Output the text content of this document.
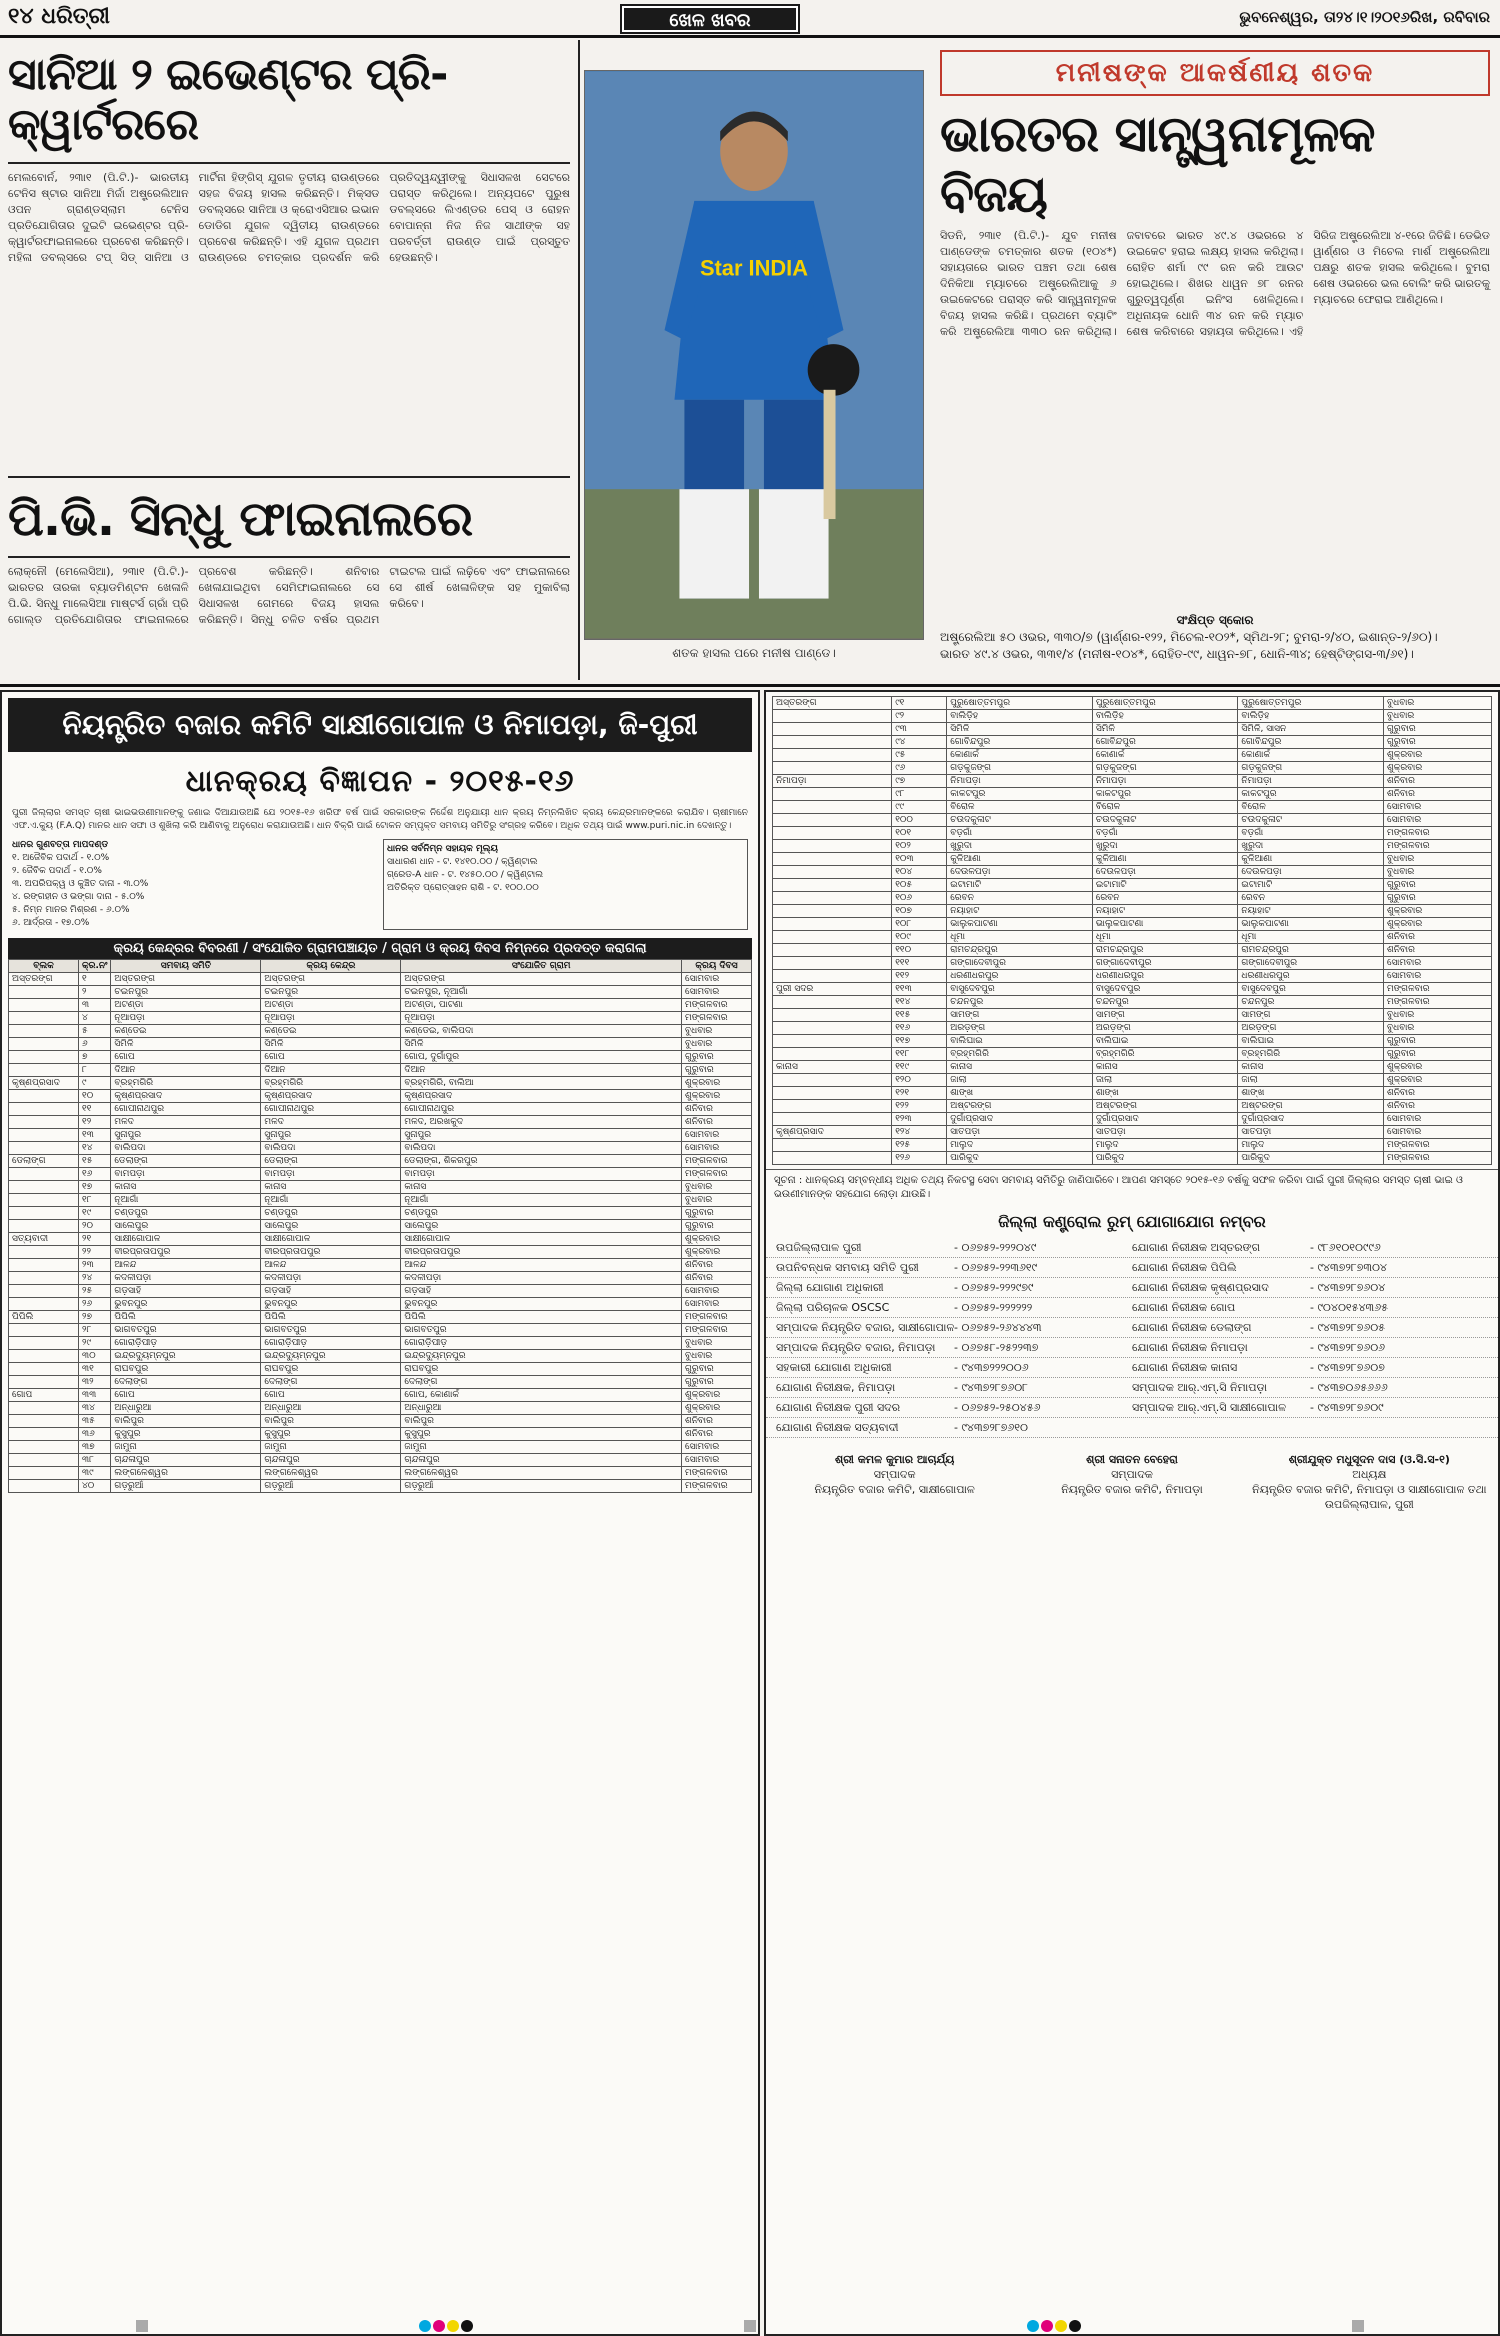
୧୪ ଧରିତ୍ରୀ	ଖେଳ ଖବର	ଭୁବନେଶ୍ୱର, ତା୨୪।୧।୨୦୧୬ରିଖ, ରବିବାର
ସାନିଆ ୨ ଇଭେଣ୍ଟର ପ୍ରି-କ୍ୱାର୍ଟରରେ
ମେଲବୋର୍ନ, ୨୩ା୧ (ପି.ଟି.)- ଭାରତୀୟ ଟେନିସ ଷ୍ଟାର ସାନିଆ ମିର୍ଜା ଅଷ୍ଟ୍ରେଲିଆନ ଓପନ ଗ୍ରାଣ୍ଡସ୍ଲାମ ଟେନିସ ପ୍ରତିଯୋଗିତାର ଦୁଇଟି ଇଭେଣ୍ଟର ପ୍ରି-କ୍ୱାର୍ଟରଫାଇନାଲରେ ପ୍ରବେଶ କରିଛନ୍ତି। ମହିଳା ଡବଲ୍ସରେ ଟପ୍ ସିଡ୍ ସାନିଆ ଓ ମାର୍ଟିନା ହିଙ୍ଗିସ୍ ଯୁଗଳ ତୃତୀୟ ରାଉଣ୍ଡରେ ସହଜ ବିଜୟ ହାସଲ କରିଛନ୍ତି। ମିକ୍ସଡ ଡବଲ୍ସରେ ସାନିଆ ଓ କ୍ରୋଏସିଆର ଇଭାନ ଡୋଡିଗ ଯୁଗଳ ଦ୍ୱିତୀୟ ରାଉଣ୍ଡରେ ପ୍ରବେଶ କରିଛନ୍ତି। ଏହି ଯୁଗଳ ପ୍ରଥମ ରାଉଣ୍ଡରେ ଚମତ୍କାର ପ୍ରଦର୍ଶନ କରି ପ୍ରତିଦ୍ୱନ୍ଦ୍ୱୀଙ୍କୁ ସିଧାସଳଖ ସେଟରେ ପରାସ୍ତ କରିଥିଲେ। ଅନ୍ୟପଟେ ପୁରୁଷ ଡବଲ୍ସରେ ଲିଏଣ୍ଡର ପେସ୍ ଓ ରୋହନ ବୋପାନ୍ନା ନିଜ ନିଜ ସାଥୀଙ୍କ ସହ ପରବର୍ତ୍ତୀ ରାଉଣ୍ଡ ପାଇଁ ପ୍ରସ୍ତୁତ ହେଉଛନ୍ତି।
ପି.ଭି. ସିନ୍ଧୁ ଫାଇନାଲରେ
ଲୋକ୍ନୌ (ମେଲେସିଆ), ୨୩ା୧ (ପି.ଟି.)- ଭାରତର ତାରକା ବ୍ୟାଡମିଣ୍ଟନ ଖେଳାଳି ପି.ଭି. ସିନ୍ଧୁ ମାଲେସିଆ ମାଷ୍ଟର୍ସ ଗ୍ରାଁ ପ୍ରି ଗୋଲ୍ଡ ପ୍ରତିଯୋଗିତାର ଫାଇନାଲରେ ପ୍ରବେଶ କରିଛନ୍ତି। ଶନିବାର ଖେଳାଯାଇଥିବା ସେମିଫାଇନାଲରେ ସେ ସିଧାସଳଖ ଗେମରେ ବିଜୟ ହାସଲ କରିଛନ୍ତି। ସିନ୍ଧୁ ଚଳିତ ବର୍ଷର ପ୍ରଥମ ଟାଇଟଲ ପାଇଁ ଲଢ଼ିବେ ଏବଂ ଫାଇନାଲରେ ସେ ଶୀର୍ଷ ଖେଳାଳିଙ୍କ ସହ ମୁକାବିଲା କରିବେ।
Star INDIA
ଶତକ ହାସଲ ପରେ ମନୀଷ ପାଣ୍ଡେ।
ମନୀଷଙ୍କ ଆକର୍ଷଣୀୟ ଶତକ
ଭାରତର ସାନ୍ତ୍ୱନାମୂଳକ ବିଜୟ
ସିଡନି, ୨୩ା୧ (ପି.ଟି.)- ଯୁବ ମନୀଷ ପାଣ୍ଡେଙ୍କ ଚମତ୍କାର ଶତକ (୧୦୪*) ସହାୟତାରେ ଭାରତ ପଞ୍ଚମ ତଥା ଶେଷ ଦିନିକିଆ ମ୍ୟାଚରେ ଅଷ୍ଟ୍ରେଲିଆକୁ ୬ ଉଇକେଟରେ ପରାସ୍ତ କରି ସାନ୍ତ୍ୱନାମୂଳକ ବିଜୟ ହାସଲ କରିଛି। ପ୍ରଥମେ ବ୍ୟାଟିଂ କରି ଅଷ୍ଟ୍ରେଲିଆ ୩୩୦ ରନ କରିଥିଲା। ଜବାବରେ ଭାରତ ୪୯.୪ ଓଭରରେ ୪ ଉଇକେଟ ହରାଇ ଲକ୍ଷ୍ୟ ହାସଲ କରିଥିଲା। ରୋହିତ ଶର୍ମା ୯୯ ରନ କରି ଆଉଟ ହୋଇଥିଲେ। ଶିଖର ଧାୱନ ୭୮ ରନର ଗୁରୁତ୍ୱପୂର୍ଣ୍ଣ ଇନିଂସ ଖେଳିଥିଲେ। ଅଧିନାୟକ ଧୋନି ୩୪ ରନ କରି ମ୍ୟାଚ ଶେଷ କରିବାରେ ସହାୟତା କରିଥିଲେ। ଏହି ସିରିଜ ଅଷ୍ଟ୍ରେଲିଆ ୪-୧ରେ ଜିତିଛି। ଡେଭିଡ ୱାର୍ଣ୍ଣର ଓ ମିଚେଲ ମାର୍ଶ ଅଷ୍ଟ୍ରେଲିଆ ପକ୍ଷରୁ ଶତକ ହାସଲ କରିଥିଲେ। ବୁମରା ଶେଷ ଓଭରରେ ଭଲ ବୋଲିଂ କରି ଭାରତକୁ ମ୍ୟାଚରେ ଫେରାଇ ଆଣିଥିଲେ।
ସଂକ୍ଷିପ୍ତ ସ୍କୋର
ଅଷ୍ଟ୍ରେଲିଆ ୫୦ ଓଭର, ୩୩୦/୭ (ୱାର୍ଣ୍ଣର-୧୨୨, ମିଚେଲ-୧୦୨*, ସ୍ମିଥ-୨୮; ବୁମରା-୨/୪୦, ଇଶାନ୍ତ-୨/୬୦)।
ଭାରତ ୪୯.୪ ଓଭର, ୩୩୧/୪ (ମନୀଷ-୧୦୪*, ରୋହିତ-୯୯, ଧାୱନ-୭୮, ଧୋନି-୩୪; ହେଷ୍ଟିଙ୍ଗସ-୩/୬୧)।
ନିୟନ୍ତ୍ରିତ ବଜାର କମିଟି ସାକ୍ଷୀଗୋପାଳ ଓ ନିମାପଡ଼ା, ଜି-ପୁରୀ
ଧାନକ୍ରୟ ବିଜ୍ଞାପନ - ୨୦୧୫-୧୬
ପୁରୀ ଜିଲ୍ଲାର ସମସ୍ତ ଚାଷୀ ଭାଇଭଉଣୀମାନଙ୍କୁ ଜଣାଇ ଦିଆଯାଉଅଛି ଯେ ୨୦୧୫-୧୬ ଖରିଫ ବର୍ଷ ପାଇଁ ସରକାରଙ୍କ ନିର୍ଦ୍ଦେଶ ଅନୁଯାୟୀ ଧାନ କ୍ରୟ ନିମ୍ନଲିଖିତ କ୍ରୟ କେନ୍ଦ୍ରମାନଙ୍କରେ କରାଯିବ। ଚାଷୀମାନେ ଏଫ.ଏ.କ୍ୟୁ (F.A.Q) ମାନର ଧାନ ସଫା ଓ ଶୁଖିଲା କରି ଆଣିବାକୁ ଅନୁରୋଧ କରାଯାଉଅଛି। ଧାନ ବିକ୍ରି ପାଇଁ ଟୋକନ ସମ୍ପୃକ୍ତ ସମବାୟ ସମିତିରୁ ସଂଗ୍ରହ କରିବେ। ଅଧିକ ତଥ୍ୟ ପାଇଁ www.puri.nic.in ଦେଖନ୍ତୁ।
ଧାନର ଗୁଣବତ୍ତା ମାପଦଣ୍ଡ
୧. ଅଜୈବିକ ପଦାର୍ଥ - ୧.୦%
୨. ଜୈବିକ ପଦାର୍ଥ - ୧.୦%
୩. ଅପରିପକ୍ୱ ଓ କୁଞ୍ଚିତ ଦାନା - ୩.୦%
୪. ରଙ୍ଗହୀନ ଓ ଭଙ୍ଗା ଦାନା - ୫.୦%
୫. ନିମ୍ନ ମାନର ମିଶ୍ରଣ - ୬.୦%
୬. ଆର୍ଦ୍ରତା - ୧୭.୦%
ଧାନର ସର୍ବନିମ୍ନ ସହାୟକ ମୂଲ୍ୟ
ସାଧାରଣ ଧାନ - ଟ. ୧୪୧୦.୦୦ / କ୍ୱିଣ୍ଟାଲ
ଗ୍ରେଡ-A ଧାନ - ଟ. ୧୪୫୦.୦୦ / କ୍ୱିଣ୍ଟାଲ
ଅତିରିକ୍ତ ପ୍ରୋତ୍ସାହନ ରାଶି - ଟ. ୧୦୦.୦୦
କ୍ରୟ କେନ୍ଦ୍ରର ବିବରଣୀ / ସଂଯୋଜିତ ଗ୍ରାମପଞ୍ଚାୟତ / ଗ୍ରାମ ଓ କ୍ରୟ ଦିବସ ନିମ୍ନରେ ପ୍ରଦତ୍ତ କରାଗଲା
ବ୍ଲକ	କ୍ର.ନଂ	ସମବାୟ ସମିତି	କ୍ରୟ କେନ୍ଦ୍ର	ସଂଯୋଜିତ ଗ୍ରାମ	କ୍ରୟ ଦିବସ
ଅସ୍ତରଙ୍ଗ	୧	ଅସ୍ତରଙ୍ଗ	ଅସ୍ତରଙ୍ଗ	ଅସ୍ତରଙ୍ଗ	ସୋମବାର
	୨	ଚଇନପୁର	ଚଇନପୁର	ଚଇନପୁର, ନୂଆଗାଁ	ସୋମବାର
	୩	ଅଟଣ୍ଡା	ଅଟଣ୍ଡା	ଅଟଣ୍ଡା, ପାଟଣା	ମଙ୍ଗଳବାର
	୪	ନୂଆପଡ଼ା	ନୂଆପଡ଼ା	ନୂଆପଡ଼ା	ମଙ୍ଗଳବାର
	୫	କଣ୍ଡେଇ	କଣ୍ଡେଇ	କଣ୍ଡେଇ, ବାଲିପଦା	ବୁଧବାର
	୬	ସିମିଳି	ସିମିଳି	ସିମିଳି	ବୁଧବାର
	୭	ଗୋପ	ଗୋପ	ଗୋପ, ଦୁର୍ଗାପୁର	ଗୁରୁବାର
	୮	ଦିଆନ	ଦିଆନ	ଦିଆନ	ଗୁରୁବାର
କୃଷ୍ଣପ୍ରସାଦ	୯	ବ୍ରହ୍ମଗିରି	ବ୍ରହ୍ମଗିରି	ବ୍ରହ୍ମଗିରି, ବାଲିଆ	ଶୁକ୍ରବାର
	୧୦	କୃଷ୍ଣପ୍ରସାଦ	କୃଷ୍ଣପ୍ରସାଦ	କୃଷ୍ଣପ୍ରସାଦ	ଶୁକ୍ରବାର
	୧୧	ଗୋପୀନାଥପୁର	ଗୋପୀନାଥପୁର	ଗୋପୀନାଥପୁର	ଶନିବାର
	୧୨	ମଳଦ	ମଳଦ	ମଳଦ, ଅରଖକୁଦ	ଶନିବାର
	୧୩	ସୁନାପୁର	ସୁନାପୁର	ସୁନାପୁର	ସୋମବାର
	୧୪	ବାଲିପଦା	ବାଲିପଦା	ବାଲିପଦା	ସୋମବାର
ଡେଲାଙ୍ଗ	୧୫	ଡେଲାଙ୍ଗ	ଡେଲାଙ୍ଗ	ଡେଲାଙ୍ଗ, ଶିକରପୁର	ମଙ୍ଗଳବାର
	୧୬	ବାମପଡ଼ା	ବାମପଡ଼ା	ବାମପଡ଼ା	ମଙ୍ଗଳବାର
	୧୭	କାନାସ	କାନାସ	କାନାସ	ବୁଧବାର
	୧୮	ନୂଆଗାଁ	ନୂଆଗାଁ	ନୂଆଗାଁ	ବୁଧବାର
	୧୯	ଚଣ୍ଡପୁର	ଚଣ୍ଡପୁର	ଚଣ୍ଡପୁର	ଗୁରୁବାର
	୨୦	ସାଲେପୁର	ସାଲେପୁର	ସାଲେପୁର	ଗୁରୁବାର
ସତ୍ୟବାଦୀ	୨୧	ସାକ୍ଷୀଗୋପାଳ	ସାକ୍ଷୀଗୋପାଳ	ସାକ୍ଷୀଗୋପାଳ	ଶୁକ୍ରବାର
	୨୨	ବୀରପ୍ରତାପପୁର	ବୀରପ୍ରତାପପୁର	ବୀରପ୍ରତାପପୁର	ଶୁକ୍ରବାର
	୨୩	ଆଳନ୍ଦ	ଆଳନ୍ଦ	ଆଳନ୍ଦ	ଶନିବାର
	୨୪	କଦଳୀପଡ଼ା	କଦଳୀପଡ଼ା	କଦଳୀପଡ଼ା	ଶନିବାର
	୨୫	ଗଡ଼ସାହି	ଗଡ଼ସାହି	ଗଡ଼ସାହି	ସୋମବାର
	୨୬	ଭୁବନପୁର	ଭୁବନପୁର	ଭୁବନପୁର	ସୋମବାର
ପିପିଲି	୨୭	ପିପିଲି	ପିପିଲି	ପିପିଲି	ମଙ୍ଗଳବାର
	୨୮	ଭାଗବତପୁର	ଭାଗବତପୁର	ଭାଗବତପୁର	ମଙ୍ଗଳବାର
	୨୯	ଗୋରାଡ଼ିପୀଡ଼	ଗୋରାଡ଼ିପୀଡ଼	ଗୋରାଡ଼ିପୀଡ଼	ବୁଧବାର
	୩୦	ଇନ୍ଦ୍ରଦ୍ୟୁମ୍ନପୁର	ଇନ୍ଦ୍ରଦ୍ୟୁମ୍ନପୁର	ଇନ୍ଦ୍ରଦ୍ୟୁମ୍ନପୁର	ବୁଧବାର
	୩୧	ରାଘବପୁର	ରାଘବପୁର	ରାଘବପୁର	ଗୁରୁବାର
	୩୨	ଦେଲାଙ୍ଗ	ଦେଲାଙ୍ଗ	ଦେଲାଙ୍ଗ	ଗୁରୁବାର
ଗୋପ	୩୩	ଗୋପ	ଗୋପ	ଗୋପ, କୋଣାର୍କ	ଶୁକ୍ରବାର
	୩୪	ଅନ୍ଧାରୁଆ	ଅନ୍ଧାରୁଆ	ଅନ୍ଧାରୁଆ	ଶୁକ୍ରବାର
	୩୫	ବାଲିପୁର	ବାଲିପୁର	ବାଲିପୁର	ଶନିବାର
	୩୬	କୁସୁପୁର	କୁସୁପୁର	କୁସୁପୁର	ଶନିବାର
	୩୭	ଜାମୁନା	ଜାମୁନା	ଜାମୁନା	ସୋମବାର
	୩୮	ଚାନ୍ଦଳାପୁର	ଚାନ୍ଦଳାପୁର	ଚାନ୍ଦଳାପୁର	ସୋମବାର
	୩୯	ଲଙ୍ଗଳେଶ୍ୱର	ଲଙ୍ଗଳେଶ୍ୱର	ଲଙ୍ଗଳେଶ୍ୱର	ମଙ୍ଗଳବାର
	୪୦	ଗଡ଼ରୁଆଁ	ଗଡ଼ରୁଆଁ	ଗଡ଼ରୁଆଁ	ମଙ୍ଗଳବାର
ଅସ୍ତରଙ୍ଗ	୯୧	ପୁରୁଷୋତ୍ତମପୁର	ପୁରୁଷୋତ୍ତମପୁର	ପୁରୁଷୋତ୍ତମପୁର	ବୁଧବାର
	୯୨	ବାଲିଡ଼ିହ	ବାଲିଡ଼ିହ	ବାଲିଡ଼ିହ	ବୁଧବାର
	୯୩	ସିମିଳି	ସିମିଳି	ସିମିଳି, ସାସନ	ଗୁରୁବାର
	୯୪	ଗୋବିନ୍ଦପୁର	ଗୋବିନ୍ଦପୁର	ଗୋବିନ୍ଦପୁର	ଗୁରୁବାର
	୯୫	କୋଣାର୍କ	କୋଣାର୍କ	କୋଣାର୍କ	ଶୁକ୍ରବାର
	୯୬	ଗଡ଼କୁଜଙ୍ଗ	ଗଡ଼କୁଜଙ୍ଗ	ଗଡ଼କୁଜଙ୍ଗ	ଶୁକ୍ରବାର
ନିମାପଡ଼ା	୯୭	ନିମାପଡ଼ା	ନିମାପଡ଼ା	ନିମାପଡ଼ା	ଶନିବାର
	୯୮	କାକଟପୁର	କାକଟପୁର	କାକଟପୁର	ଶନିବାର
	୯୯	ବିରୋଳ	ବିରୋଳ	ବିରୋଳ	ସୋମବାର
	୧୦୦	ଚଉଦକୁଳାଟ	ଚଉଦକୁଳାଟ	ଚଉଦକୁଳାଟ	ସୋମବାର
	୧୦୧	ବଡ଼ଗାଁ	ବଡ଼ଗାଁ	ବଡ଼ଗାଁ	ମଙ୍ଗଳବାର
	୧୦୨	ଖୁରୁଦା	ଖୁରୁଦା	ଖୁରୁଦା	ମଙ୍ଗଳବାର
	୧୦୩	କୁଳିଆଣା	କୁଳିଆଣା	କୁଳିଆଣା	ବୁଧବାର
	୧୦୪	ଦେଉଳପଡ଼ା	ଦେଉଳପଡ଼ା	ଦେଉଳପଡ଼ା	ବୁଧବାର
	୧୦୫	ଇଟାମାଟି	ଇଟାମାଟି	ଇଟାମାଟି	ଗୁରୁବାର
	୧୦୬	ରେବନ	ରେବନ	ରେବନ	ଗୁରୁବାର
	୧୦୭	ନୟାହାଟ	ନୟାହାଟ	ନୟାହାଟ	ଶୁକ୍ରବାର
	୧୦୮	ଭାଲୁକପାଟଣା	ଭାଲୁକପାଟଣା	ଭାଲୁକପାଟଣା	ଶୁକ୍ରବାର
	୧୦୯	ଧୂମା	ଧୂମା	ଧୂମା	ଶନିବାର
	୧୧୦	ରାମଚନ୍ଦ୍ରପୁର	ରାମଚନ୍ଦ୍ରପୁର	ରାମଚନ୍ଦ୍ରପୁର	ଶନିବାର
	୧୧୧	ଗଙ୍ଗାଦେବୀପୁର	ଗଙ୍ଗାଦେବୀପୁର	ଗଙ୍ଗାଦେବୀପୁର	ସୋମବାର
	୧୧୨	ଧରଣୀଧରପୁର	ଧରଣୀଧରପୁର	ଧରଣୀଧରପୁର	ସୋମବାର
ପୁରୀ ସଦର	୧୧୩	ବାସୁଦେବପୁର	ବାସୁଦେବପୁର	ବାସୁଦେବପୁର	ମଙ୍ଗଳବାର
	୧୧୪	ଚନ୍ଦନପୁର	ଚନ୍ଦନପୁର	ଚନ୍ଦନପୁର	ମଙ୍ଗଳବାର
	୧୧୫	ସାମଙ୍ଗ	ସାମଙ୍ଗ	ସାମଙ୍ଗ	ବୁଧବାର
	୧୧୬	ଅରଡ଼ଙ୍ଗ	ଅରଡ଼ଙ୍ଗ	ଅରଡ଼ଙ୍ଗ	ବୁଧବାର
	୧୧୭	ବାଲିଘାଇ	ବାଲିଘାଇ	ବାଲିଘାଇ	ଗୁରୁବାର
	୧୧୮	ବ୍ରହ୍ମଗିରି	ବ୍ରହ୍ମଗିରି	ବ୍ରହ୍ମଗିରି	ଗୁରୁବାର
କାନାସ	୧୧୯	କାନାସ	କାନାସ	କାନାସ	ଶୁକ୍ରବାର
	୧୨୦	ଜାଲା	ଜାଲା	ଜାଲା	ଶୁକ୍ରବାର
	୧୨୧	ଶାଙ୍ଖ	ଶାଙ୍ଖ	ଶାଙ୍ଖ	ଶନିବାର
	୧୨୨	ଅଷ୍ଟରଙ୍ଗ	ଅଷ୍ଟରଙ୍ଗ	ଅଷ୍ଟରଙ୍ଗ	ଶନିବାର
	୧୨୩	ଦୁର୍ଗାପ୍ରସାଦ	ଦୁର୍ଗାପ୍ରସାଦ	ଦୁର୍ଗାପ୍ରସାଦ	ସୋମବାର
କୃଷ୍ଣପ୍ରସାଦ	୧୨୪	ସାତପଡ଼ା	ସାତପଡ଼ା	ସାତପଡ଼ା	ସୋମବାର
	୧୨୫	ମାଲୁଦ	ମାଲୁଦ	ମାଲୁଦ	ମଙ୍ଗଳବାର
	୧୨୬	ପାରିକୁଦ	ପାରିକୁଦ	ପାରିକୁଦ	ମଙ୍ଗଳବାର
ସୂଚନା : ଧାନକ୍ରୟ ସମ୍ବନ୍ଧୀୟ ଅଧିକ ତଥ୍ୟ ନିକଟସ୍ଥ ସେବା ସମବାୟ ସମିତିରୁ ଜାଣିପାରିବେ। ଆପଣ ସମସ୍ତେ ୨୦୧୫-୧୬ ବର୍ଷକୁ ସଫଳ କରିବା ପାଇଁ ପୁରୀ ଜିଲ୍ଲାର ସମସ୍ତ ଚାଷୀ ଭାଇ ଓ ଭଉଣୀମାନଙ୍କ ସହଯୋଗ ଲୋଡ଼ା ଯାଉଛି।
ଜିଲ୍ଲା କଣ୍ଟ୍ରୋଲ ରୁମ୍ ଯୋଗାଯୋଗ ନମ୍ବର
ଉପଜିଲ୍ଲାପାଳ ପୁରୀ	- ୦୬୭୫୨-୨୨୨୦୪୯	ଯୋଗାଣ ନିରୀକ୍ଷକ ଅସ୍ତରଙ୍ଗ	- ୯୮୬୧୦୧୦୯୯୬
ଉପନିବନ୍ଧକ ସମବାୟ ସମିତି ପୁରୀ	- ୦୬୭୫୨-୨୨୩୬୧୯	ଯୋଗାଣ ନିରୀକ୍ଷକ ପିପିଲି	- ୯୪୩୭୨୮୭୩୦୪
ଜିଲ୍ଲା ଯୋଗାଣ ଅଧିକାରୀ	- ୦୬୭୫୨-୨୨୨୯୭୯	ଯୋଗାଣ ନିରୀକ୍ଷକ କୃଷ୍ଣପ୍ରସାଦ	- ୯୪୩୭୨୮୭୬୦୪
ଜିଲ୍ଲା ପରିଚାଳକ OSCSC	- ୦୬୭୫୨-୨୨୨୨୨୨	ଯୋଗାଣ ନିରୀକ୍ଷକ ଗୋପ	- ୯୦୪୦୧୫୪୩୬୫
ସମ୍ପାଦକ ନିୟନ୍ତ୍ରିତ ବଜାର, ସାକ୍ଷୀଗୋପାଳ - ୦୬୭୫୨-୨୬୪୪୪୩	ଯୋଗାଣ ନିରୀକ୍ଷକ ଡେଲାଙ୍ଗ	- ୯୪୩୭୨୮୭୬୦୫
ସମ୍ପାଦକ ନିୟନ୍ତ୍ରିତ ବଜାର, ନିମାପଡ଼ା	- ୦୬୭୫୮-୨୫୨୨୩୭	ଯୋଗାଣ ନିରୀକ୍ଷକ ନିମାପଡ଼ା	- ୯୪୩୭୨୮୭୬୦୬
ସହକାରୀ ଯୋଗାଣ ଅଧିକାରୀ	- ୯୪୩୭୨୨୨୦୦୬	ଯୋଗାଣ ନିରୀକ୍ଷକ କାନାସ	- ୯୪୩୭୨୮୭୬୦୭
ଯୋଗାଣ ନିରୀକ୍ଷକ, ନିମାପଡ଼ା	- ୯୪୩୭୨୮୭୬୦୮	ସମ୍ପାଦକ ଆର୍.ଏମ୍.ସି ନିମାପଡ଼ା	- ୯୪୩୭୦୬୫୬୬୬
ଯୋଗାଣ ନିରୀକ୍ଷକ ପୁରୀ ସଦର	- ୦୬୭୫୨-୨୫୦୪୫୬	ସମ୍ପାଦକ ଆର୍.ଏମ୍.ସି ସାକ୍ଷୀଗୋପାଳ	- ୯୪୩୭୨୮୭୬୦୯
ଯୋଗାଣ ନିରୀକ୍ଷକ ସତ୍ୟବାଦୀ	- ୯୪୩୭୨୮୭୬୧୦
ଶ୍ରୀ କମଳ କୁମାର ଆଚାର୍ଯ୍ୟ
ସମ୍ପାଦକ
ନିୟନ୍ତ୍ରିତ ବଜାର କମିଟି, ସାକ୍ଷୀଗୋପାଳ
ଶ୍ରୀ ସନାତନ ବେହେରା
ସମ୍ପାଦକ
ନିୟନ୍ତ୍ରିତ ବଜାର କମିଟି, ନିମାପଡ଼ା
ଶ୍ରୀଯୁକ୍ତ ମଧୁସୂଦନ ଦାସ (ଓ.ସି.ସ-୧)
ଅଧ୍ୟକ୍ଷ
ନିୟନ୍ତ୍ରିତ ବଜାର କମିଟି, ନିମାପଡ଼ା ଓ ସାକ୍ଷୀଗୋପାଳ ତଥା ଉପଜିଲ୍ଲାପାଳ, ପୁରୀ
